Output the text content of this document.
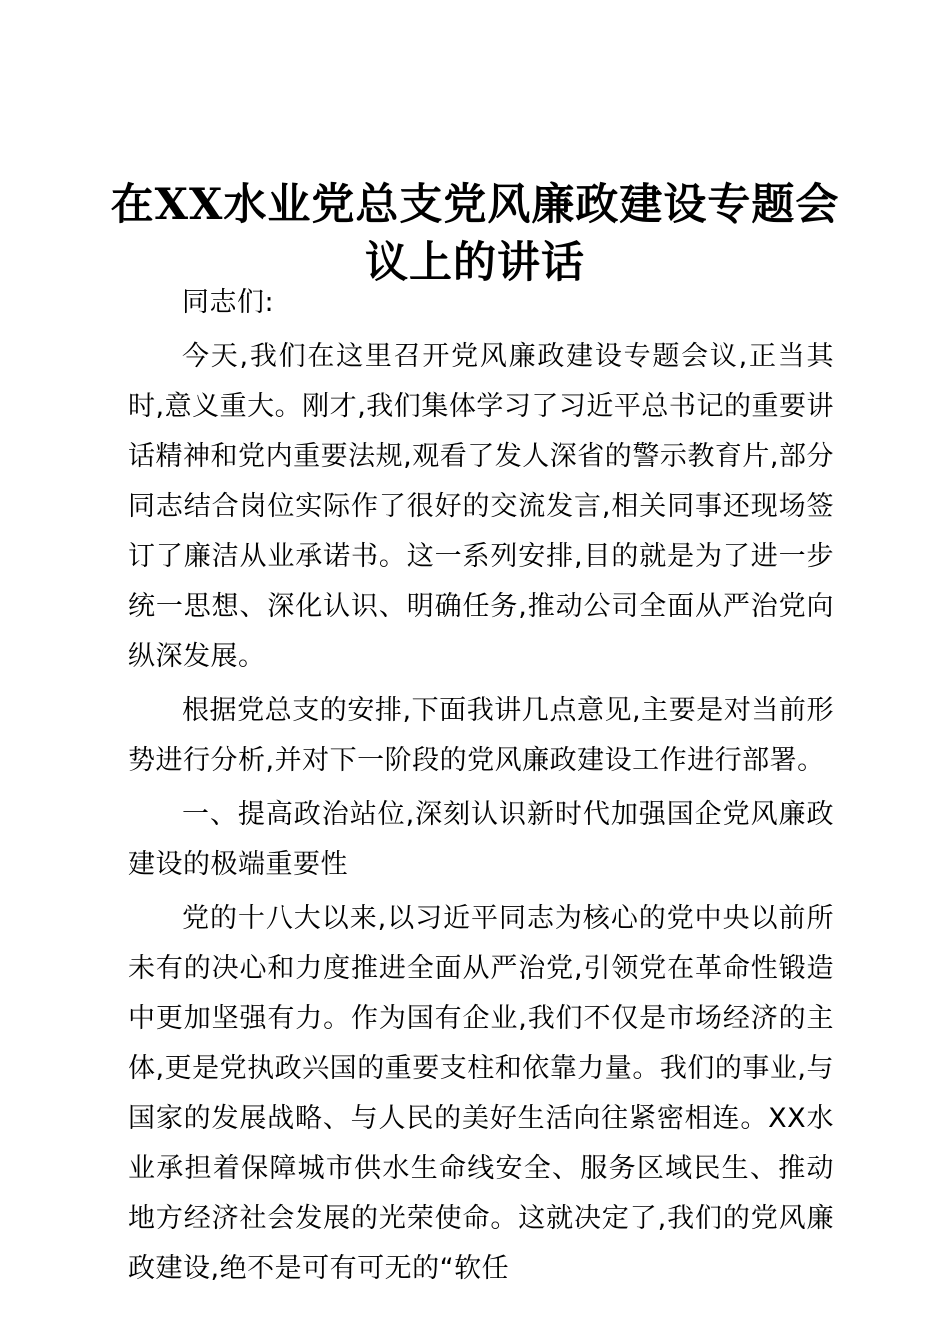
在XX水业党总支党风廉政建设专题会议上的讲话

同志们:

今天,我们在这里召开党风廉政建设专题会议,正当其时,意义重大。刚才,我们集体学习了习近平总书记的重要讲话精神和党内重要法规,观看了发人深省的警示教育片,部分同志结合岗位实际作了很好的交流发言,相关同事还现场签订了廉洁从业承诺书。这一系列安排,目的就是为了进一步统一思想、深化认识、明确任务,推动公司全面从严治党向纵深发展。

根据党总支的安排,下面我讲几点意见,主要是对当前形势进行分析,并对下一阶段的党风廉政建设工作进行部署。

一、提高政治站位,深刻认识新时代加强国企党风廉政建设的极端重要性

党的十八大以来,以习近平同志为核心的党中央以前所未有的决心和力度推进全面从严治党,引领党在革命性锻造中更加坚强有力。作为国有企业,我们不仅是市场经济的主体,更是党执政兴国的重要支柱和依靠力量。我们的事业,与国家的发展战略、与人民的美好生活向往紧密相连。XX水业承担着保障城市供水生命线安全、服务区域民生、推动地方经济社会发展的光荣使命。这就决定了,我们的党风廉政建设,绝不是可有可无的“软任
